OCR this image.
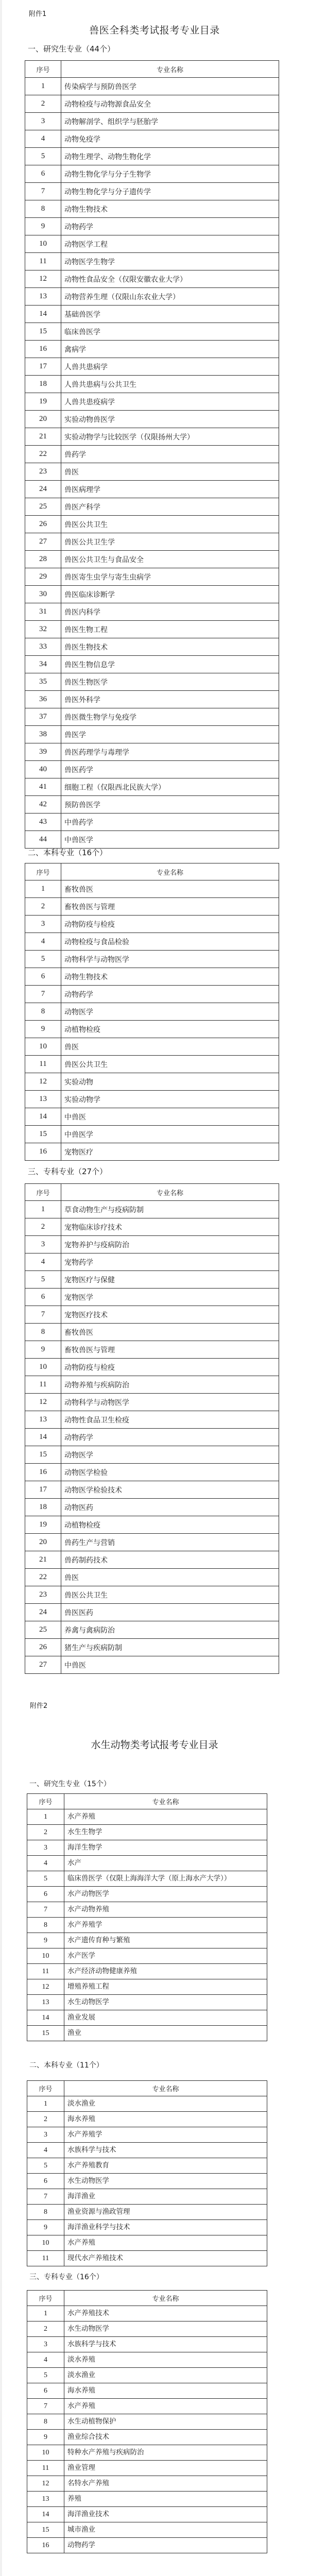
附件1
兽医全科类考试报考专业目录
一、研究生专业（44个）
序号	专业名称
1	传染病学与预防兽医学
2	动物检疫与动物源食品安全
3	动物解剖学、组织学与胚胎学
4	动物免疫学
5	动物生理学、动物生物化学
6	动物生物化学与分子生物学
7	动物生物化学与分子遗传学
8	动物生物技术
9	动物药学
10	动物医学工程
11	动物医学生物学
12	动物性食品安全（仅限安徽农业大学）
13	动物营养生理（仅限山东农业大学）
14	基础兽医学
15	临床兽医学
16	禽病学
17	人兽共患病学
18	人兽共患病与公共卫生
19	人兽共患疫病学
20	实验动物兽医学
21	实验动物学与比较医学（仅限扬州大学）
22	兽药学
23	兽医
24	兽医病理学
25	兽医产科学
26	兽医公共卫生
27	兽医公共卫生学
28	兽医公共卫生与食品安全
29	兽医寄生虫学与寄生虫病学
30	兽医临床诊断学
31	兽医内科学
32	兽医生物工程
33	兽医生物技术
34	兽医生物信息学
35	兽医生物医学
36	兽医外科学
37	兽医微生物学与免疫学
38	兽医学
39	兽医药理学与毒理学
40	兽医药学
41	细胞工程（仅限西北民族大学）
42	预防兽医学
43	中兽药学
44	中兽医学
二、本科专业（16个）
序号	专业名称
1	畜牧兽医
2	畜牧兽医与管理
3	动物防疫与检疫
4	动物检疫与食品检验
5	动物科学与动物医学
6	动物生物技术
7	动物药学
8	动物医学
9	动植物检疫
10	兽医
11	兽医公共卫生
12	实验动物
13	实验动物学
14	中兽医
15	中兽医学
16	宠物医疗
三、专科专业（27个）
序号	专业名称
1	草食动物生产与疫病防制
2	宠物临床诊疗技术
3	宠物养护与疫病防治
4	宠物药学
5	宠物医疗与保健
6	宠物医学
7	宠物医疗技术
8	畜牧兽医
9	畜牧兽医与管理
10	动物防疫与检疫
11	动物养殖与疾病防治
12	动物科学与动物医学
13	动物性食品卫生检疫
14	动物药学
15	动物医学
16	动物医学检验
17	动物医学检验技术
18	动物医药
19	动植物检疫
20	兽药生产与营销
21	兽药制药技术
22	兽医
23	兽医公共卫生
24	兽医医药
25	养禽与禽病防治
26	猪生产与疾病防制
27	中兽医
附件2
水生动物类考试报考专业目录
一、研究生专业（15个）
序号	专业名称
1	水产养殖
2	水生生物学
3	海洋生物学
4	水产
5	临床兽医学（仅限上海海洋大学（原上海水产大学））
6	水产动物医学
7	水产动物养殖
8	水产养殖学
9	水产遗传育种与繁殖
10	水产医学
11	水产经济动物健康养殖
12	增殖养殖工程
13	水生动物医学
14	渔业发展
15	渔业
二、本科专业（11个）
序号	专业名称
1	淡水渔业
2	海水养殖
3	水产养殖学
4	水族科学与技术
5	水产养殖教育
6	水生动物医学
7	海洋渔业
8	渔业资源与渔政管理
9	海洋渔业科学与技术
10	水产养殖
11	现代水产养殖技术
三、专科专业（16个）
序号	专业名称
1	水产养殖技术
2	水生动物医学
3	水族科学与技术
4	淡水养殖
5	淡水渔业
6	海水养殖
7	水产养殖
8	水生动植物保护
9	渔业综合技术
10	特种水产养殖与疾病防治
11	渔业管理
12	名特水产养殖
13	养殖
14	海洋渔业技术
15	城市渔业
16	动物药学
